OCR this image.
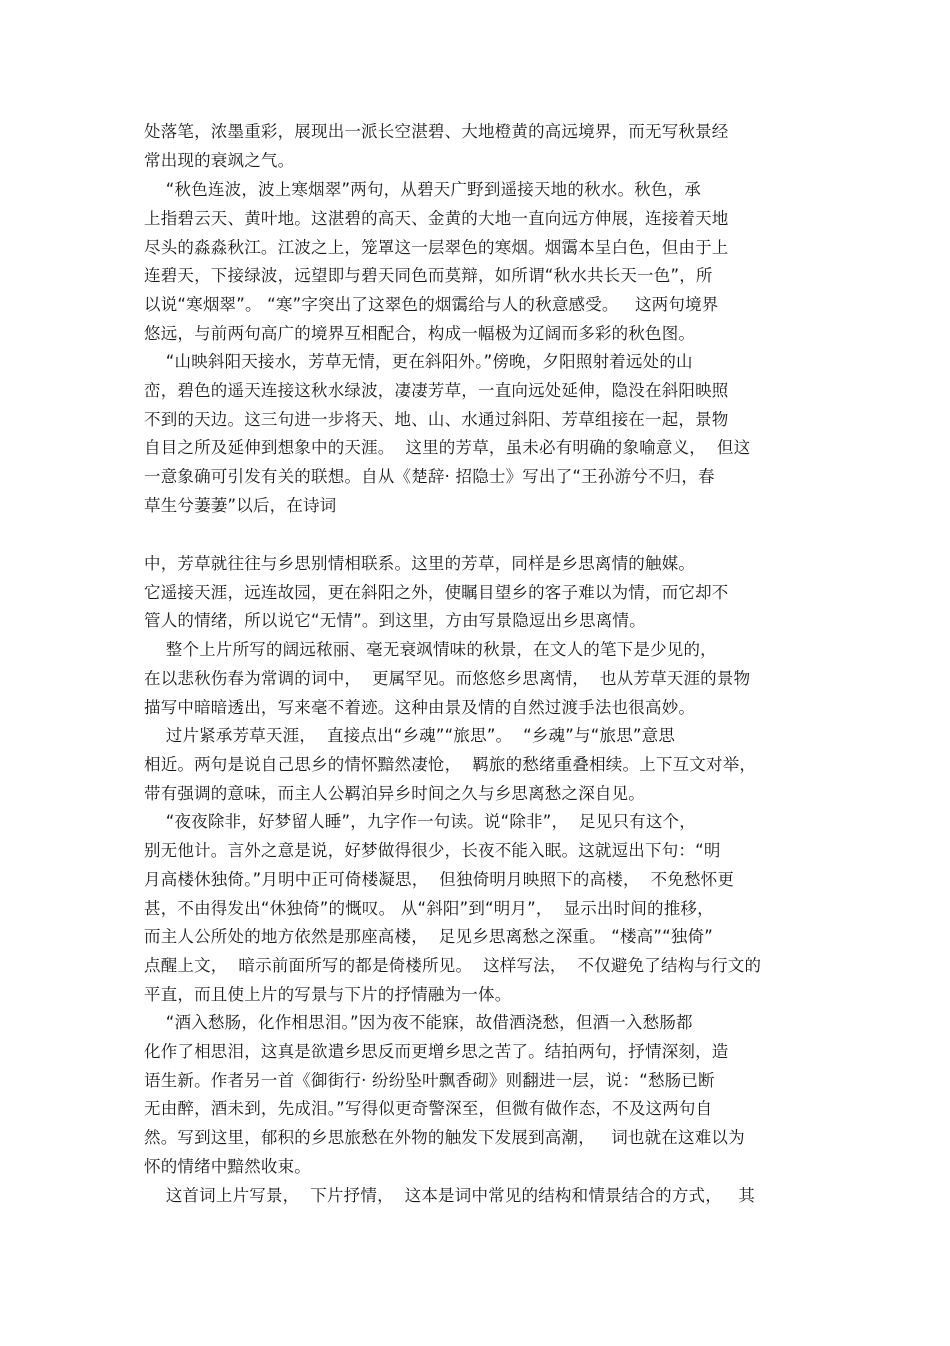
处落笔，浓墨重彩，展现出一派长空湛碧、大地橙黄的高远境界，而无写秋景经
常出现的衰飒之气。
“秋色连波，波上寒烟翠”两句，从碧天广野到遥接天地的秋水。秋色，承
上指碧云天、黄叶地。这湛碧的高天、金黄的大地一直向远方伸展，连接着天地
尽头的淼淼秋江。江波之上，笼罩这一层翠色的寒烟。烟霭本呈白色，但由于上
连碧天，下接绿波，远望即与碧天同色而莫辩，如所谓“秋水共长天一色”，所
以说“寒烟翠”。 “寒”字突出了这翠色的烟霭给与人的秋意感受。   这两句境界
悠远，与前两句高广的境界互相配合，构成一幅极为辽阔而多彩的秋色图。
“山映斜阳天接水，芳草无情，更在斜阳外。”傍晚，夕阳照射着远处的山
峦，碧色的遥天连接这秋水绿波，凄凄芳草，一直向远处延伸，隐没在斜阳映照
不到的天边。这三句进一步将天、地、山、水通过斜阳、芳草组接在一起，景物
自目之所及延伸到想象中的天涯。  这里的芳草，虽未必有明确的象喻意义，  但这
一意象确可引发有关的联想。自从《楚辞· 招隐士》写出了“王孙游兮不归，春
草生兮萋萋”以后，在诗词
中，芳草就往往与乡思别情相联系。这里的芳草，同样是乡思离情的触媒。
它遥接天涯，远连故园，更在斜阳之外，使瞩目望乡的客子难以为情，而它却不
管人的情绪，所以说它“无情”。到这里，方由写景隐逗出乡思离情。
整个上片所写的阔远秾丽、毫无衰飒情味的秋景，在文人的笔下是少见的，
在以悲秋伤春为常调的词中，  更属罕见。而悠悠乡思离情，  也从芳草天涯的景物
描写中暗暗透出，写来毫不着迹。这种由景及情的自然过渡手法也很高妙。
过片紧承芳草天涯，  直接点出“乡魂”“旅思”。  “乡魂”与“旅思”意思
相近。两句是说自己思乡的情怀黯然凄怆，  羁旅的愁绪重叠相续。上下互文对举，
带有强调的意味，而主人公羁泊异乡时间之久与乡思离愁之深自见。
“夜夜除非，好梦留人睡”，九字作一句读。说“除非”，  足见只有这个，
别无他计。言外之意是说，好梦做得很少，长夜不能入眠。这就逗出下句：“明
月高楼休独倚。”月明中正可倚楼凝思，  但独倚明月映照下的高楼，  不免愁怀更
甚，不由得发出“休独倚”的慨叹。 从“斜阳”到“明月”，  显示出时间的推移，
而主人公所处的地方依然是那座高楼，  足见乡思离愁之深重。 “楼高”“独倚”
点醒上文，  暗示前面所写的都是倚楼所见。  这样写法，  不仅避免了结构与行文的
平直，而且使上片的写景与下片的抒情融为一体。
“酒入愁肠，化作相思泪。”因为夜不能寐，故借酒浇愁，但酒一入愁肠都
化作了相思泪，这真是欲遣乡思反而更增乡思之苦了。结拍两句，抒情深刻，造
语生新。作者另一首《御街行· 纷纷坠叶飘香砌》则翻进一层，说：“愁肠已断
无由醉，酒未到，先成泪。”写得似更奇警深至，但微有做作态，不及这两句自
然。写到这里，郁积的乡思旅愁在外物的触发下发展到高潮，   词也就在这难以为
怀的情绪中黯然收束。
这首词上片写景，  下片抒情，  这本是词中常见的结构和情景结合的方式，   其
